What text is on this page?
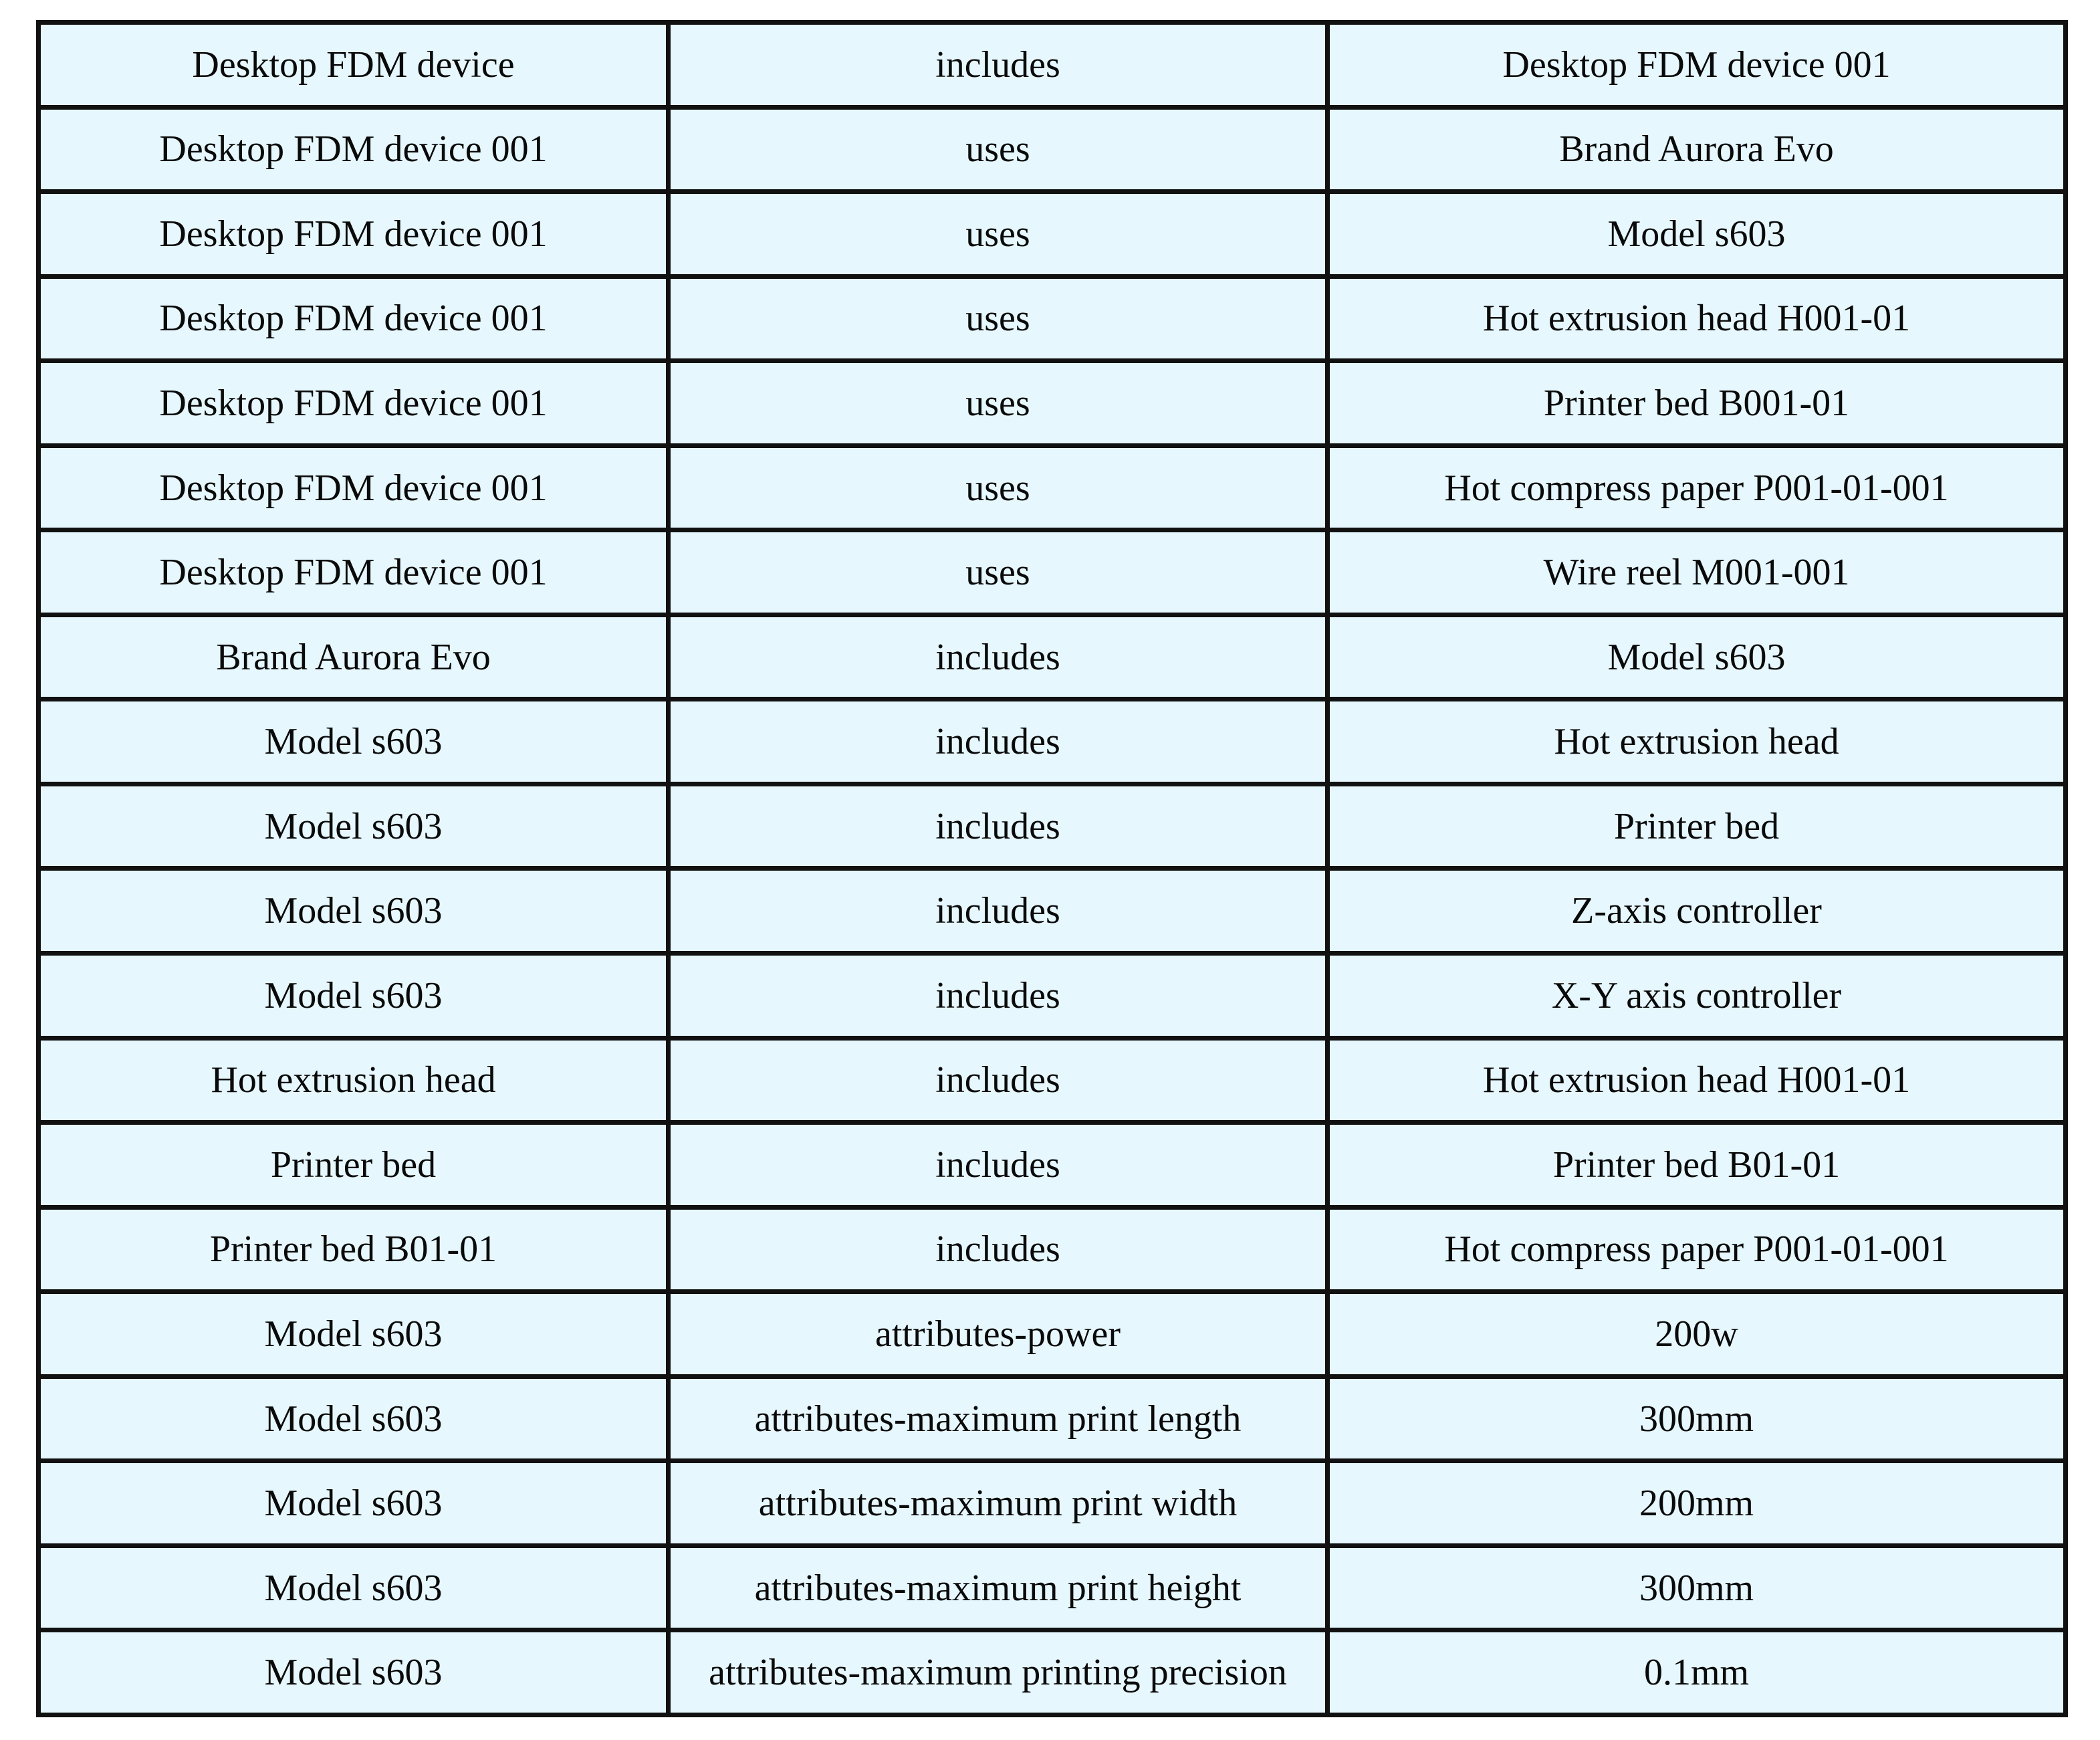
Desktop FDM device	includes	Desktop FDM device 001
Desktop FDM device 001	uses	Brand Aurora Evo
Desktop FDM device 001	uses	Model s603
Desktop FDM device 001	uses	Hot extrusion head H001-01
Desktop FDM device 001	uses	Printer bed B001-01
Desktop FDM device 001	uses	Hot compress paper P001-01-001
Desktop FDM device 001	uses	Wire reel M001-001
Brand Aurora Evo	includes	Model s603
Model s603	includes	Hot extrusion head
Model s603	includes	Printer bed
Model s603	includes	Z-axis controller
Model s603	includes	X-Y axis controller
Hot extrusion head	includes	Hot extrusion head H001-01
Printer bed	includes	Printer bed B01-01
Printer bed B01-01	includes	Hot compress paper P001-01-001
Model s603	attributes-power	200w
Model s603	attributes-maximum print length	300mm
Model s603	attributes-maximum print width	200mm
Model s603	attributes-maximum print height	300mm
Model s603	attributes-maximum printing precision	0.1mm
